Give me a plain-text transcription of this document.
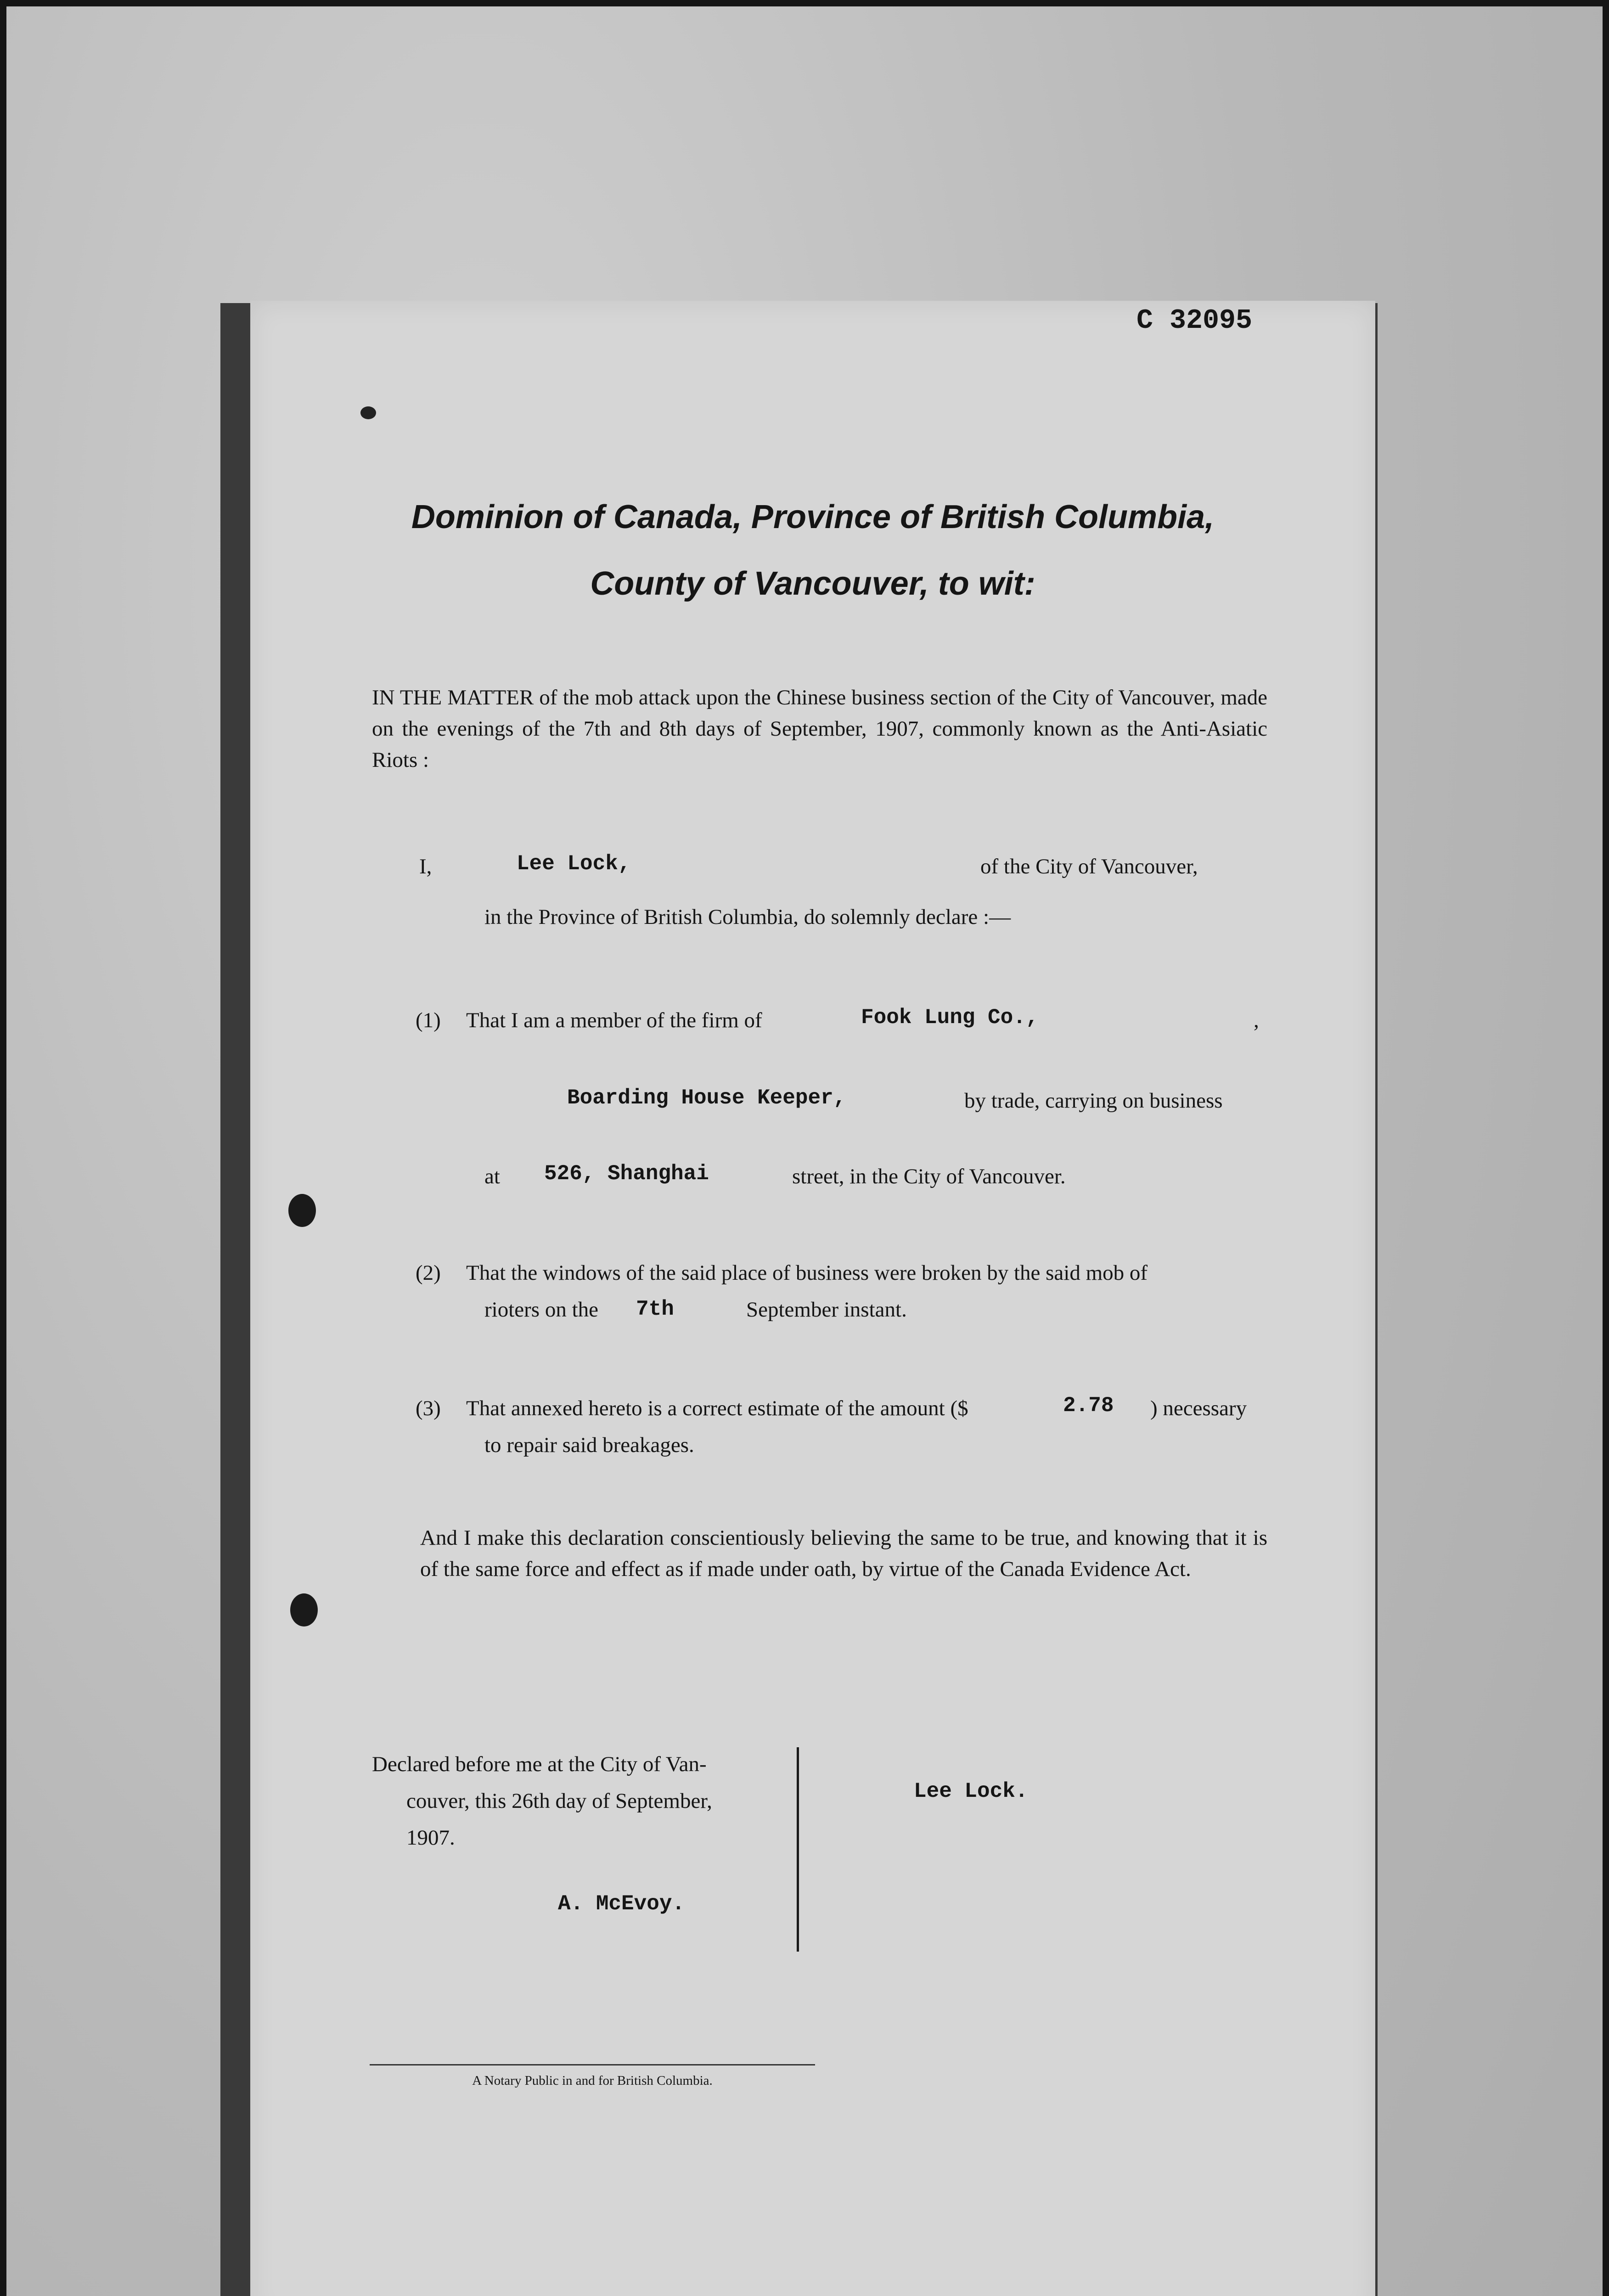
C 32095

Dominion of Canada, Province of British Columbia,

County of Vancouver, to wit:

IN THE MATTER of the mob attack upon the Chinese business section of the City of Vancouver, made on the evenings of the 7th and 8th days of September, 1907, commonly known as the Anti-Asiatic Riots :

I,	Lee Lock,	of the City of Vancouver,

in the Province of British Columbia, do solemnly declare :—

(1) That I am a member of the firm of	Fook Lung Co.,	,

Boarding House Keeper,	by trade, carrying on business

at 526, Shanghai	street, in the City of Vancouver.

(2) That the windows of the said place of business were broken by the said mob of

rioters on the 7th	September instant.

(3) That annexed hereto is a correct estimate of the amount ($	2.78 ) necessary

to repair said breakages.

And I make this declaration conscientiously believing the same to be true, and knowing that it is of the same force and effect as if made under oath, by virtue of the Canada Evidence Act.

Declared before me at the City of Van-

couver, this 26th day of September,

1907.

A. McEvoy.

Lee Lock.

A Notary Public in and for British Columbia.
